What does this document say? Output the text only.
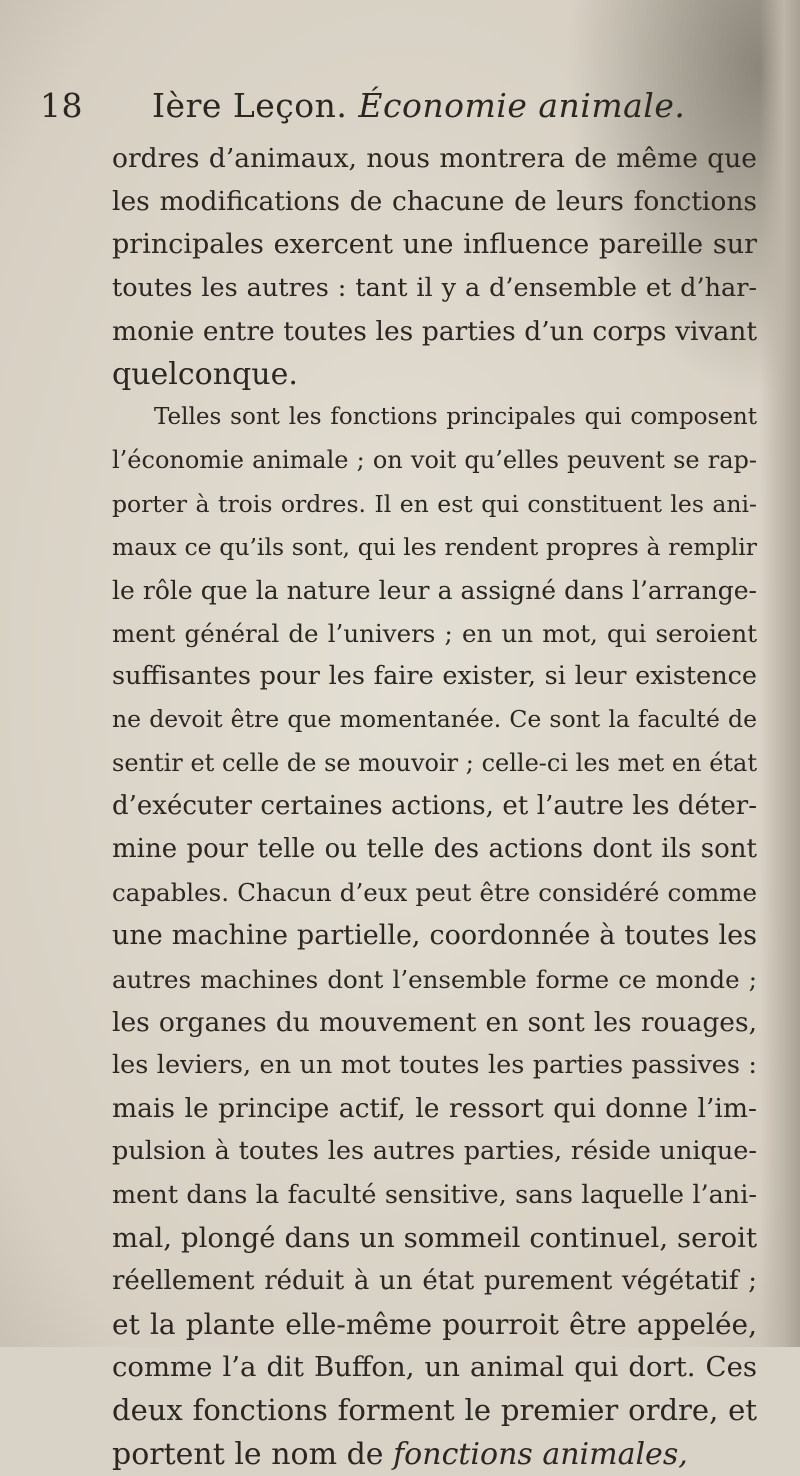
18 Ière Leçon. Économie animale.
ordres d’animaux, nous montrera de même que
les modifications de chacune de leurs fonctions
principales exercent une influence pareille sur
toutes les autres : tant il y a d’ensemble et d’har-
monie entre toutes les parties d’un corps vivant
quelconque.
Telles sont les fonctions principales qui composent
l’économie animale ; on voit qu’elles peuvent se rap-
porter à trois ordres. Il en est qui constituent les ani-
maux ce qu’ils sont, qui les rendent propres à remplir
le rôle que la nature leur a assigné dans l’arrange-
ment général de l’univers ; en un mot, qui seroient
suffisantes pour les faire exister, si leur existence
ne devoit être que momentanée. Ce sont la faculté de
sentir et celle de se mouvoir ; celle-ci les met en état
d’exécuter certaines actions, et l’autre les déter-
mine pour telle ou telle des actions dont ils sont
capables. Chacun d’eux peut être considéré comme
une machine partielle, coordonnée à toutes les
autres machines dont l’ensemble forme ce monde ;
les organes du mouvement en sont les rouages,
les leviers, en un mot toutes les parties passives :
mais le principe actif, le ressort qui donne l’im-
pulsion à toutes les autres parties, réside unique-
ment dans la faculté sensitive, sans laquelle l’ani-
mal, plongé dans un sommeil continuel, seroit
réellement réduit à un état purement végétatif ;
et la plante elle-même pourroit être appelée,
comme l’a dit Buffon, un animal qui dort. Ces
deux fonctions forment le premier ordre, et
portent le nom de fonctions animales,
